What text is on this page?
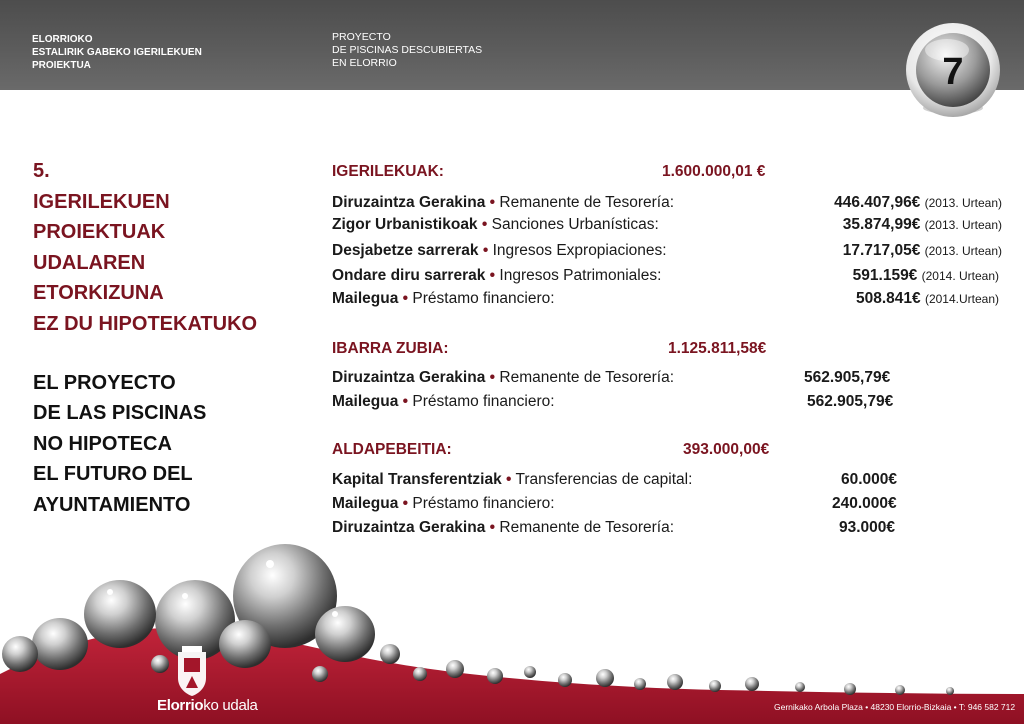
ELORRIOKO
ESTALIRIK GABEKO IGERILEKUEN
PROIEKTUA
PROYECTO
DE PISCINAS DESCUBIERTAS
EN ELORRIO	7
5.
IGERILEKUEN
PROIEKTUAK
UDALAREN
ETORKIZUNA
EZ DU HIPOTEKATUKO
EL PROYECTO
DE LAS PISCINAS
NO HIPOTECA
EL FUTURO DEL
AYUNTAMIENTO
IGERILEKUAK:	1.600.000,01 €
Diruzaintza Gerakina • Remanente de Tesorería:	446.407,96€ (2013. Urtean)
Zigor Urbanistikoak • Sanciones Urbanísticas:	35.874,99€ (2013. Urtean)
Desjabetze sarrerak • Ingresos Expropiaciones:	17.717,05€ (2013. Urtean)
Ondare diru sarrerak • Ingresos Patrimoniales:	591.159€ (2014. Urtean)
Mailegua • Préstamo financiero:	508.841€ (2014.Urtean)
IBARRA ZUBIA:	1.125.811,58€
Diruzaintza Gerakina • Remanente de Tesorería:	562.905,79€
Mailegua • Préstamo financiero:	562.905,79€
ALDAPEBEITIA:	393.000,00€
Kapital Transferentziak • Transferencias de capital:	60.000€
Mailegua • Préstamo financiero:	240.000€
Diruzaintza Gerakina • Remanente de Tesorería:	93.000€
Elorrioko udala	Gernikako Arbola Plaza • 48230 Elorrio-Bizkaia • T: 946 582 712
